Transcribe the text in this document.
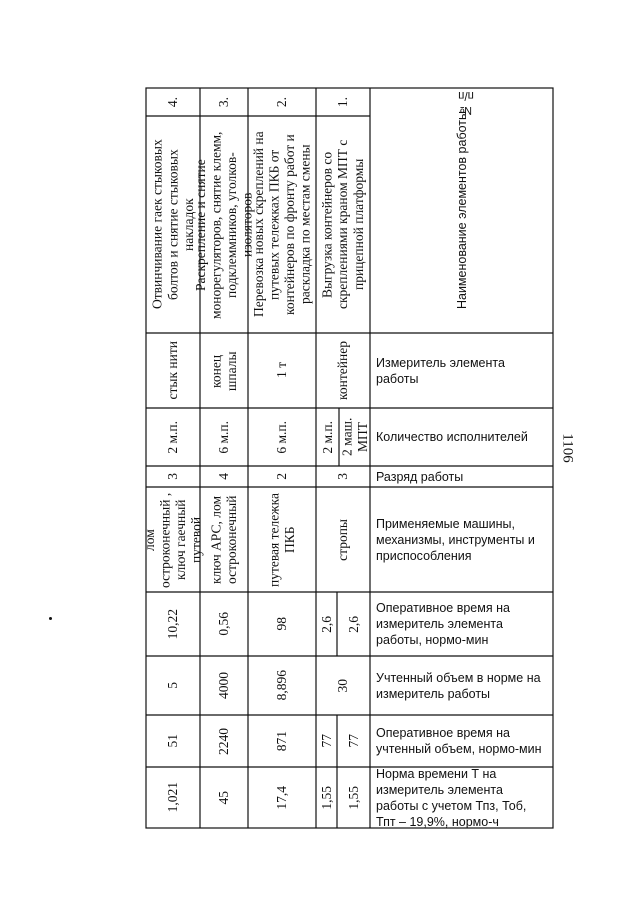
1106
Наименование элементов работы
№
п/п
Измеритель элемента работы
Количество исполнителей
Разряд работы
Применяемые машины, механизмы, инструменты и приспособления
Оперативное время на измеритель элемента работы, нормо-мин
Учтенный объем в норме на измеритель работы
Оперативное время на учтенный объем, нормо-мин
Норма времени Т на измеритель элемента работы с учетом Тпз, Тоб, Тпт – 19,9%, нормо-ч
1.
Выгрузка контейнеров со скреплениями краном МПТ с прицепной платформы
контейнер
2 маш. МПТ
2 м.п.
3
стропы
2,6
2,6
30
77
77
1,55
1,55
2.
Перевозка новых скреплений на путевых тележках ПКБ от контейнеров по фронту работ и раскладка по местам смены
1 т
6 м.п.
2
путевая тележка ПКБ
98
8,896
871
17,4
3.
Раскрепление и снятие монорегуляторов, снятие клемм, подклеммников, уголков-изоляторов
конец шпалы
6 м.п.
4
ключ АРС, лом остроконечный
0,56
4000
2240
45
4.
Отвинчивание гаек стыковых болтов и снятие стыковых накладок
стык нити
2 м.п.
3
лом остроконечный , ключ гаечный путевой
10,22
5
51
1,021
